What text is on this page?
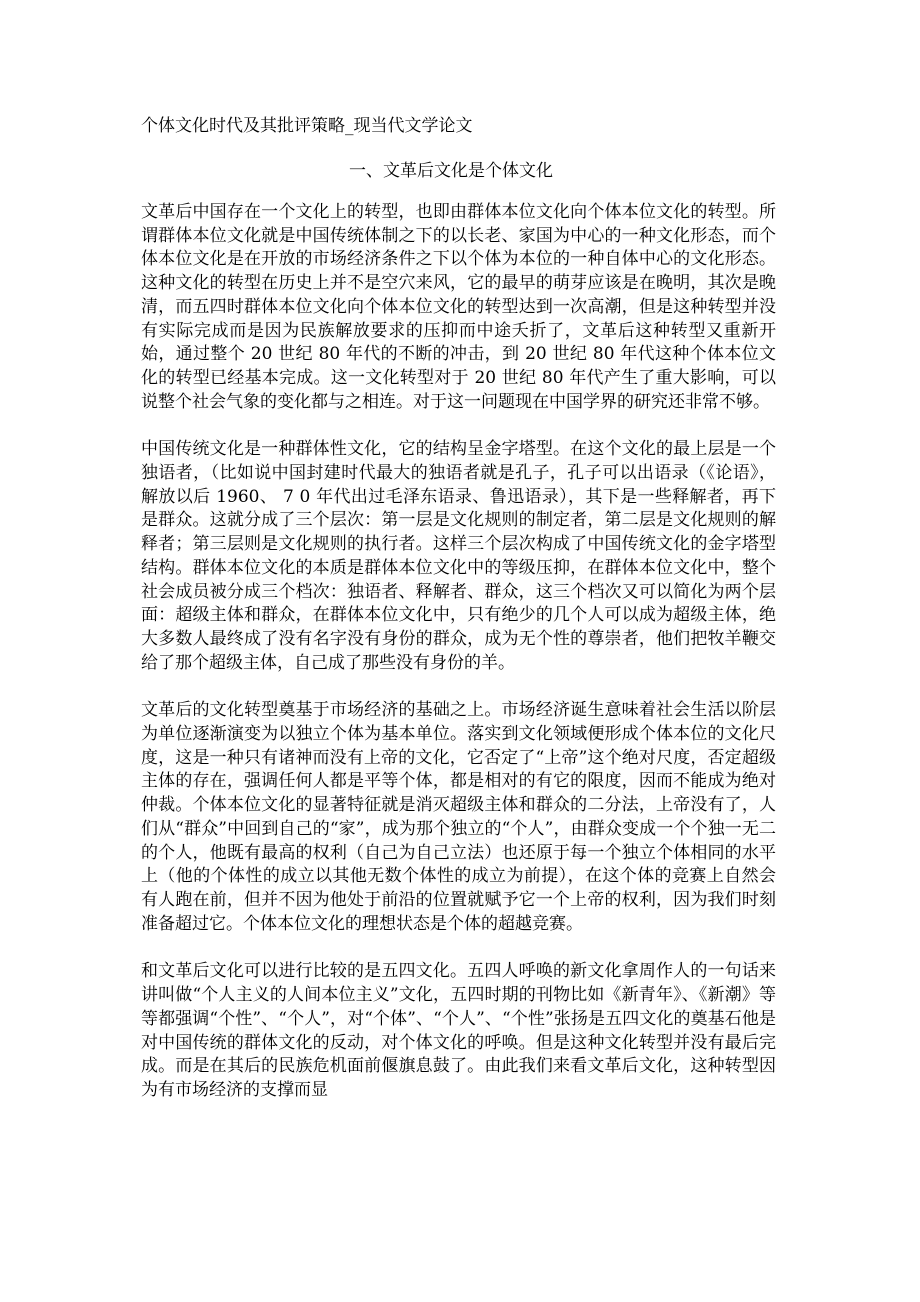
个体文化时代及其批评策略_现当代文学论文
一、文革后文化是个体文化

文革后中国存在一个文化上的转型，也即由群体本位文化向个体本位文化的转型。所谓群体本位文化就是中国传统体制之下的以长老、家国为中心的一种文化形态，而个体本位文化是在开放的市场经济条件之下以个体为本位的一种自体中心的文化形态。这种文化的转型在历史上并不是空穴来风，它的最早的萌芽应该是在晚明，其次是晚清，而五四时群体本位文化向个体本位文化的转型达到一次高潮，但是这种转型并没有实际完成而是因为民族解放要求的压抑而中途夭折了，文革后这种转型又重新开始，通过整个 20 世纪 80 年代的不断的冲击，到 20 世纪 80 年代这种个体本位文化的转型已经基本完成。这一文化转型对于 20 世纪 80 年代产生了重大影响，可以说整个社会气象的变化都与之相连。对于这一问题现在中国学界的研究还非常不够。

中国传统文化是一种群体性文化，它的结构呈金字塔型。在这个文化的最上层是一个独语者，（比如说中国封建时代最大的独语者就是孔子，孔子可以出语录（《论语》，解放以后 1960、 7 0 年代出过毛泽东语录、鲁迅语录），其下是一些释解者，再下是群众。这就分成了三个层次：第一层是文化规则的制定者，第二层是文化规则的解释者；第三层则是文化规则的执行者。这样三个层次构成了中国传统文化的金字塔型结构。群体本位文化的本质是群体本位文化中的等级压抑，在群体本位文化中，整个社会成员被分成三个档次：独语者、释解者、群众，这三个档次又可以简化为两个层面：超级主体和群众，在群体本位文化中，只有绝少的几个人可以成为超级主体，绝大多数人最终成了没有名字没有身份的群众，成为无个性的尊崇者，他们把牧羊鞭交给了那个超级主体，自己成了那些没有身份的羊。

文革后的文化转型奠基于市场经济的基础之上。市场经济诞生意味着社会生活以阶层为单位逐渐演变为以独立个体为基本单位。落实到文化领域便形成个体本位的文化尺度，这是一种只有诸神而没有上帝的文化，它否定了“上帝”这个绝对尺度，否定超级主体的存在，强调任何人都是平等个体，都是相对的有它的限度，因而不能成为绝对仲裁。个体本位文化的显著特征就是消灭超级主体和群众的二分法，上帝没有了，人们从“群众”中回到自己的“家”，成为那个独立的“个人”，由群众变成一个个独一无二的个人，他既有最高的权利（自己为自己立法）也还原于每一个独立个体相同的水平上（他的个体性的成立以其他无数个体性的成立为前提），在这个体的竞赛上自然会有人跑在前，但并不因为他处于前沿的位置就赋予它一个上帝的权利，因为我们时刻准备超过它。个体本位文化的理想状态是个体的超越竞赛。

和文革后文化可以进行比较的是五四文化。五四人呼唤的新文化拿周作人的一句话来讲叫做“个人主义的人间本位主义”文化，五四时期的刊物比如《新青年》、《新潮》等等都强调“个性”、“个人”，对“个体”、“个人”、“个性”张扬是五四文化的奠基石他是对中国传统的群体文化的反动，对个体文化的呼唤。但是这种文化转型并没有最后完成。而是在其后的民族危机面前偃旗息鼓了。由此我们来看文革后文化，这种转型因为有市场经济的支撑而显
